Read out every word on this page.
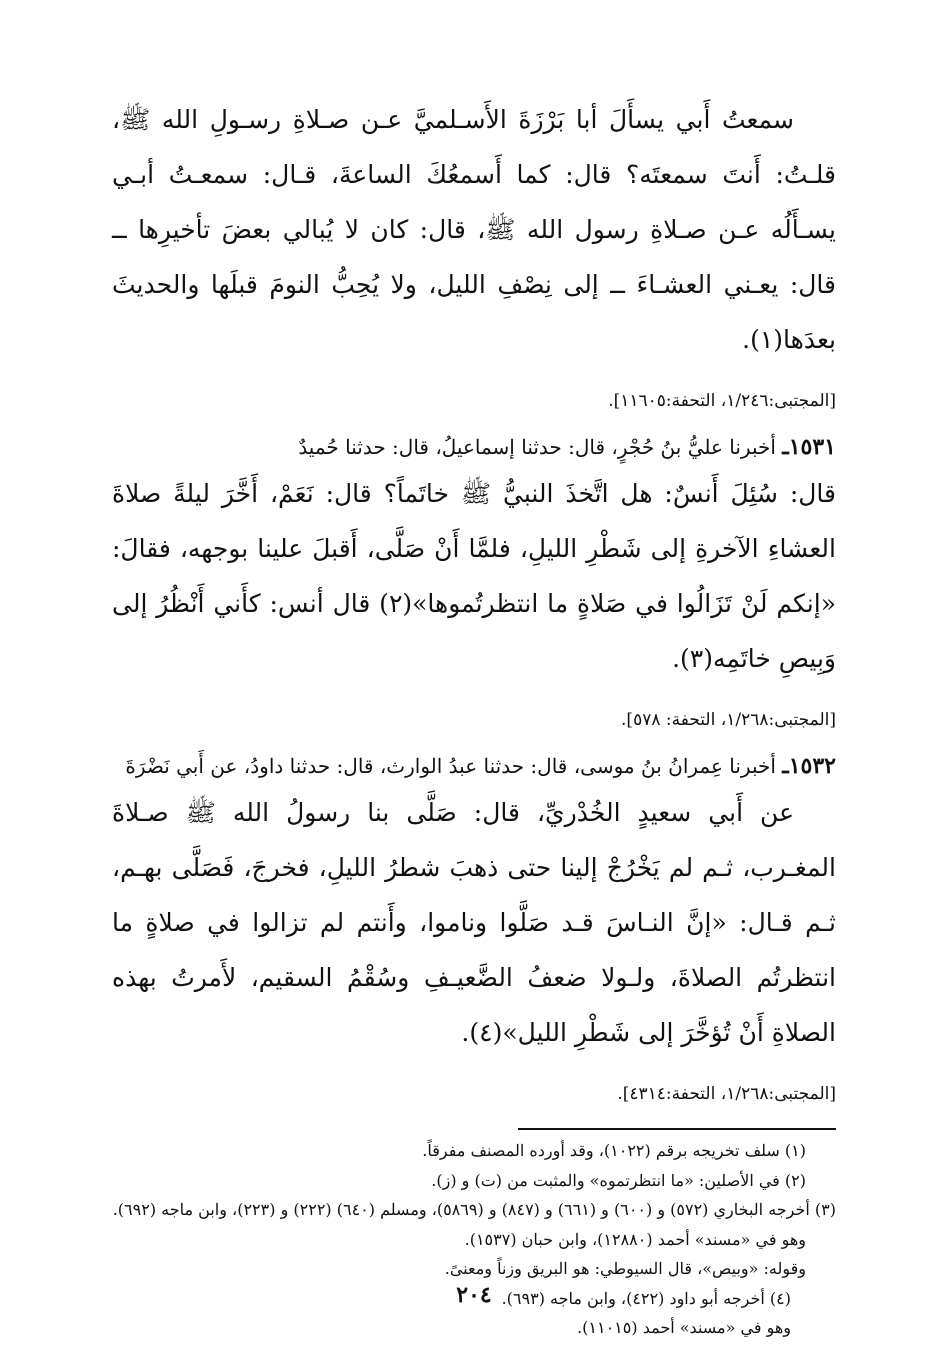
سمعتُ أَبي يسأَلَ أبا بَرْزَةَ الأَسـلميَّ عـن صـلاةِ رسـولِ الله ﷺ، قلـتُ: أَنتَ سمعتَه؟ قال: كما أَسمعُكَ الساعةَ، قـال: سمعـتُ أبـي يسـأَلُه عـن صـلاةِ رسول الله ﷺ، قال: كان لا يُبالي بعضَ تأخيرِها ــ قال: يعـني العشـاءَ ــ إلى نِصْفِ الليل، ولا يُحِبُّ النومَ قبلَها والحديثَ بعدَها(١).

[المجتبى:١/٢٤٦، التحفة:١١٦٠٥].

١٥٣١ـ أخبرنا عليُّ بنُ حُجْرٍ، قال: حدثنا إسماعيلُ، قال: حدثنا حُميدٌ

قال: سُئِلَ أَنسٌ: هل اتَّخذَ النبيُّ ﷺ خاتَماً؟ قال: نَعَمْ، أَخَّرَ ليلةً صلاةَ العشاءِ الآخرةِ إلى شَطْرِ الليلِ، فلمَّا أَنْ صَلَّى، أَقبلَ علينا بوجهه، فقالَ: «إنكم لَنْ تَزَالُوا في صَلاةٍ ما انتظرتُموها»(٢) قال أنس: كأَني أَنْظُرُ إلى وَبِيصِ خاتَمِه(٣).

[المجتبى:١/٢٦٨، التحفة: ٥٧٨].

١٥٣٢ـ أخبرنا عِمرانُ بنُ موسى، قال: حدثنا عبدُ الوارث، قال: حدثنا داودُ، عن أَبي نَضْرَةَ

عن أَبي سعيدٍ الخُدْريِّ، قال: صَلَّى بنا رسولُ الله ﷺ صـلاةَ المغـرب، ثـم لم يَخْرُجْ إلينا حتى ذهبَ شطرُ الليلِ، فخرجَ، فَصَلَّى بهـم، ثـم قـال: «إنَّ النـاسَ قـد صَلَّوا وناموا، وأَنتم لم تزالوا في صلاةٍ ما انتظرتُم الصلاةَ، ولـولا ضعفُ الضَّعيـفِ وسُقْمُ السقيم، لأَمرتُ بهذه الصلاةِ أَنْ تُؤخَّرَ إلى شَطْرِ الليل»(٤).

[المجتبى:١/٢٦٨، التحفة:٤٣١٤].

(١) سلف تخريجه برقم (١٠٢٢)، وقد أورده المصنف مفرقاً.

(٢) في الأصلين: «ما انتظرتموه» والمثبت من (ت) و (ز).

(٣) أخرجه البخاري (٥٧٢) و (٦٠٠) و (٦٦١) و (٨٤٧) و (٥٨٦٩)، ومسلم (٦٤٠) (٢٢٢) و (٢٢٣)، وابن ماجه (٦٩٢).

وهو في «مسند» أحمد (١٢٨٨٠)، وابن حبان (١٥٣٧).

وقوله: «وبيص»، قال السيوطي: هو البريق وزناً ومعنىً.

(٤) أخرجه أبو داود (٤٢٢)، وابن ماجه (٦٩٣).

وهو في «مسند» أحمد (١١٠١٥).

٢٠٤
